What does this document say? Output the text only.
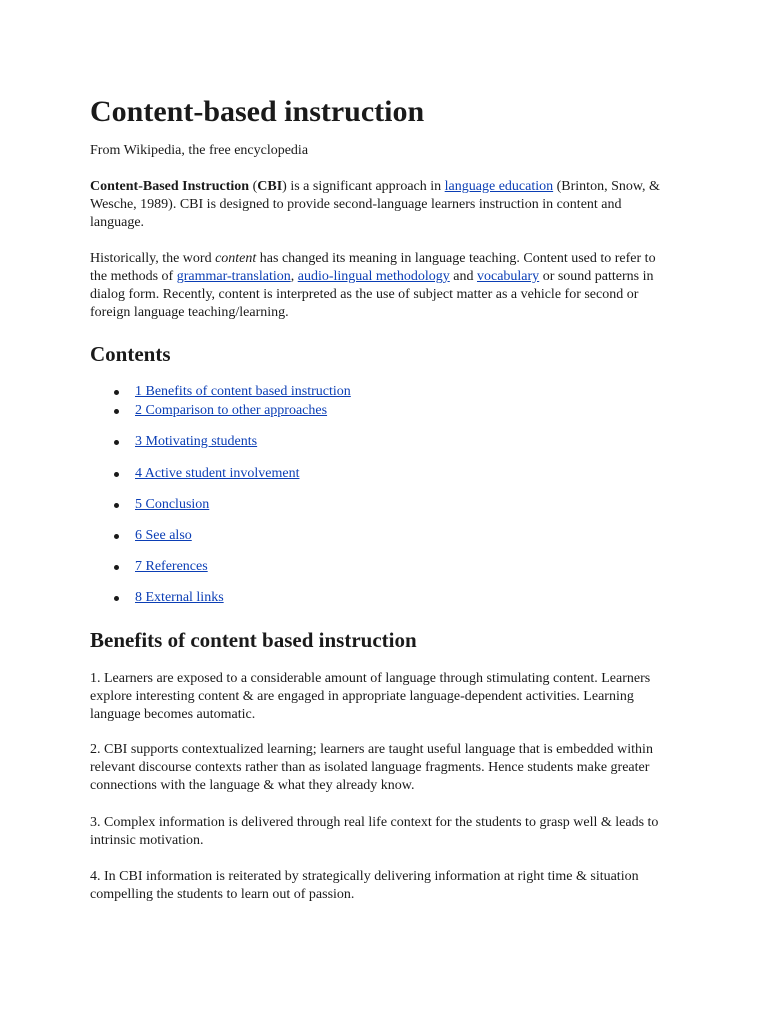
Content-based instruction
From Wikipedia, the free encyclopedia

Content-Based Instruction (CBI) is a significant approach in language education (Brinton, Snow, & Wesche, 1989). CBI is designed to provide second-language learners instruction in content and language.

Historically, the word content has changed its meaning in language teaching. Content used to refer to the methods of grammar-translation, audio-lingual methodology and vocabulary or sound patterns in dialog form. Recently, content is interpreted as the use of subject matter as a vehicle for second or foreign language teaching/learning.

Contents
1 Benefits of content based instruction
2 Comparison to other approaches
3 Motivating students
4 Active student involvement
5 Conclusion
6 See also
7 References
8 External links
Benefits of content based instruction

1. Learners are exposed to a considerable amount of language through stimulating content. Learners explore interesting content & are engaged in appropriate language-dependent activities. Learning language becomes automatic.

2. CBI supports contextualized learning; learners are taught useful language that is embedded within relevant discourse contexts rather than as isolated language fragments. Hence students make greater connections with the language & what they already know.

3. Complex information is delivered through real life context for the students to grasp well & leads to intrinsic motivation.

4. In CBI information is reiterated by strategically delivering information at right time & situation compelling the students to learn out of passion.
